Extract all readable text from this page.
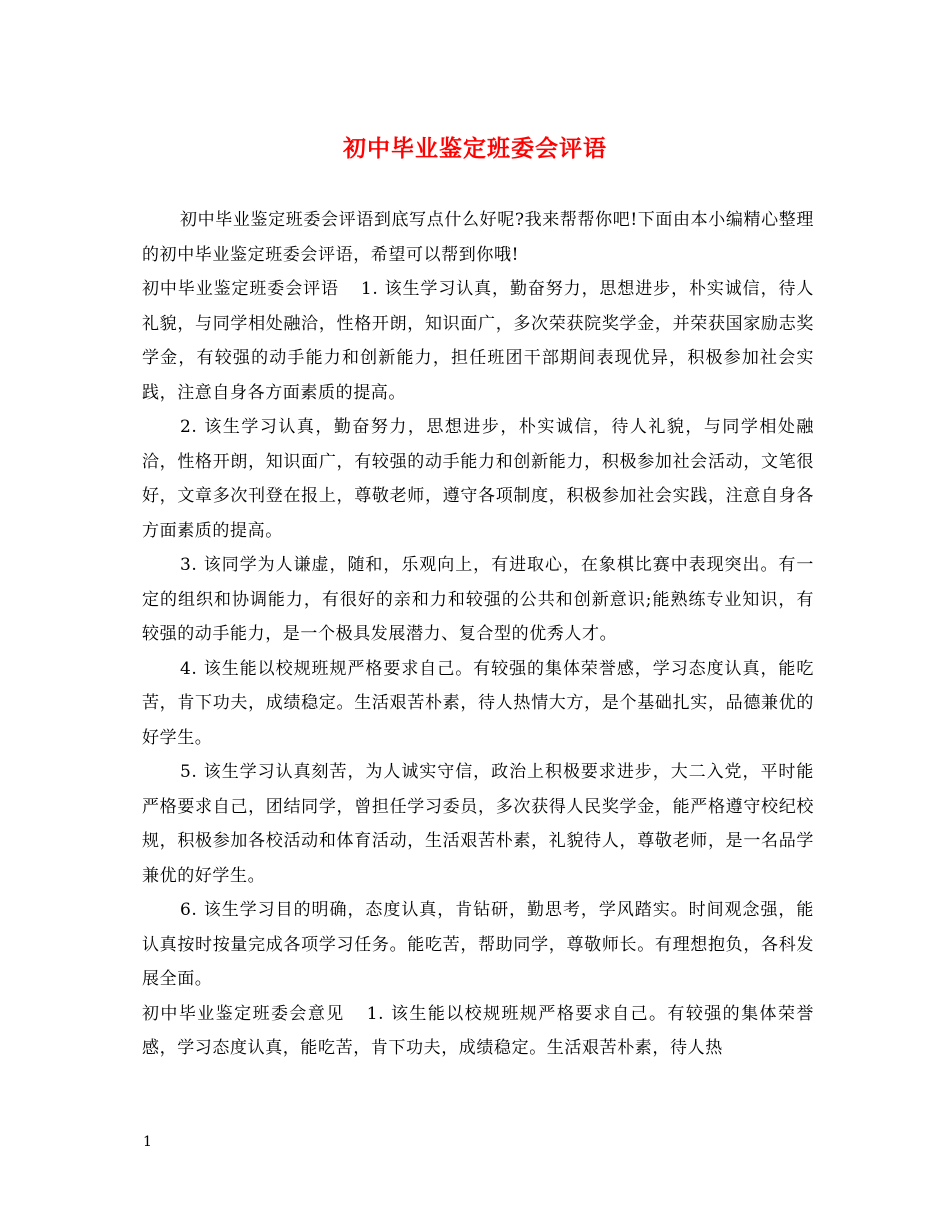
初中毕业鉴定班委会评语

初中毕业鉴定班委会评语到底写点什么好呢?我来帮帮你吧!下面由本小编精心整理的初中毕业鉴定班委会评语，希望可以帮到你哦!

初中毕业鉴定班委会评语 1. 该生学习认真，勤奋努力，思想进步，朴实诚信，待人礼貌，与同学相处融洽，性格开朗，知识面广，多次荣获院奖学金，并荣获国家励志奖学金，有较强的动手能力和创新能力，担任班团干部期间表现优异，积极参加社会实践，注意自身各方面素质的提高。

2. 该生学习认真，勤奋努力，思想进步，朴实诚信，待人礼貌，与同学相处融洽，性格开朗，知识面广，有较强的动手能力和创新能力，积极参加社会活动，文笔很好，文章多次刊登在报上，尊敬老师，遵守各项制度，积极参加社会实践，注意自身各方面素质的提高。

3. 该同学为人谦虚，随和，乐观向上，有进取心，在象棋比赛中表现突出。有一定的组织和协调能力，有很好的亲和力和较强的公共和创新意识;能熟练专业知识，有较强的动手能力，是一个极具发展潜力、复合型的优秀人才。

4. 该生能以校规班规严格要求自己。有较强的集体荣誉感，学习态度认真，能吃苦，肯下功夫，成绩稳定。生活艰苦朴素，待人热情大方，是个基础扎实，品德兼优的好学生。

5. 该生学习认真刻苦，为人诚实守信，政治上积极要求进步，大二入党，平时能严格要求自己，团结同学，曾担任学习委员，多次获得人民奖学金，能严格遵守校纪校规，积极参加各校活动和体育活动，生活艰苦朴素，礼貌待人，尊敬老师，是一名品学兼优的好学生。

6. 该生学习目的明确，态度认真，肯钻研，勤思考，学风踏实。时间观念强，能认真按时按量完成各项学习任务。能吃苦，帮助同学，尊敬师长。有理想抱负，各科发展全面。

初中毕业鉴定班委会意见 1. 该生能以校规班规严格要求自己。有较强的集体荣誉感，学习态度认真，能吃苦，肯下功夫，成绩稳定。生活艰苦朴素，待人热

1
